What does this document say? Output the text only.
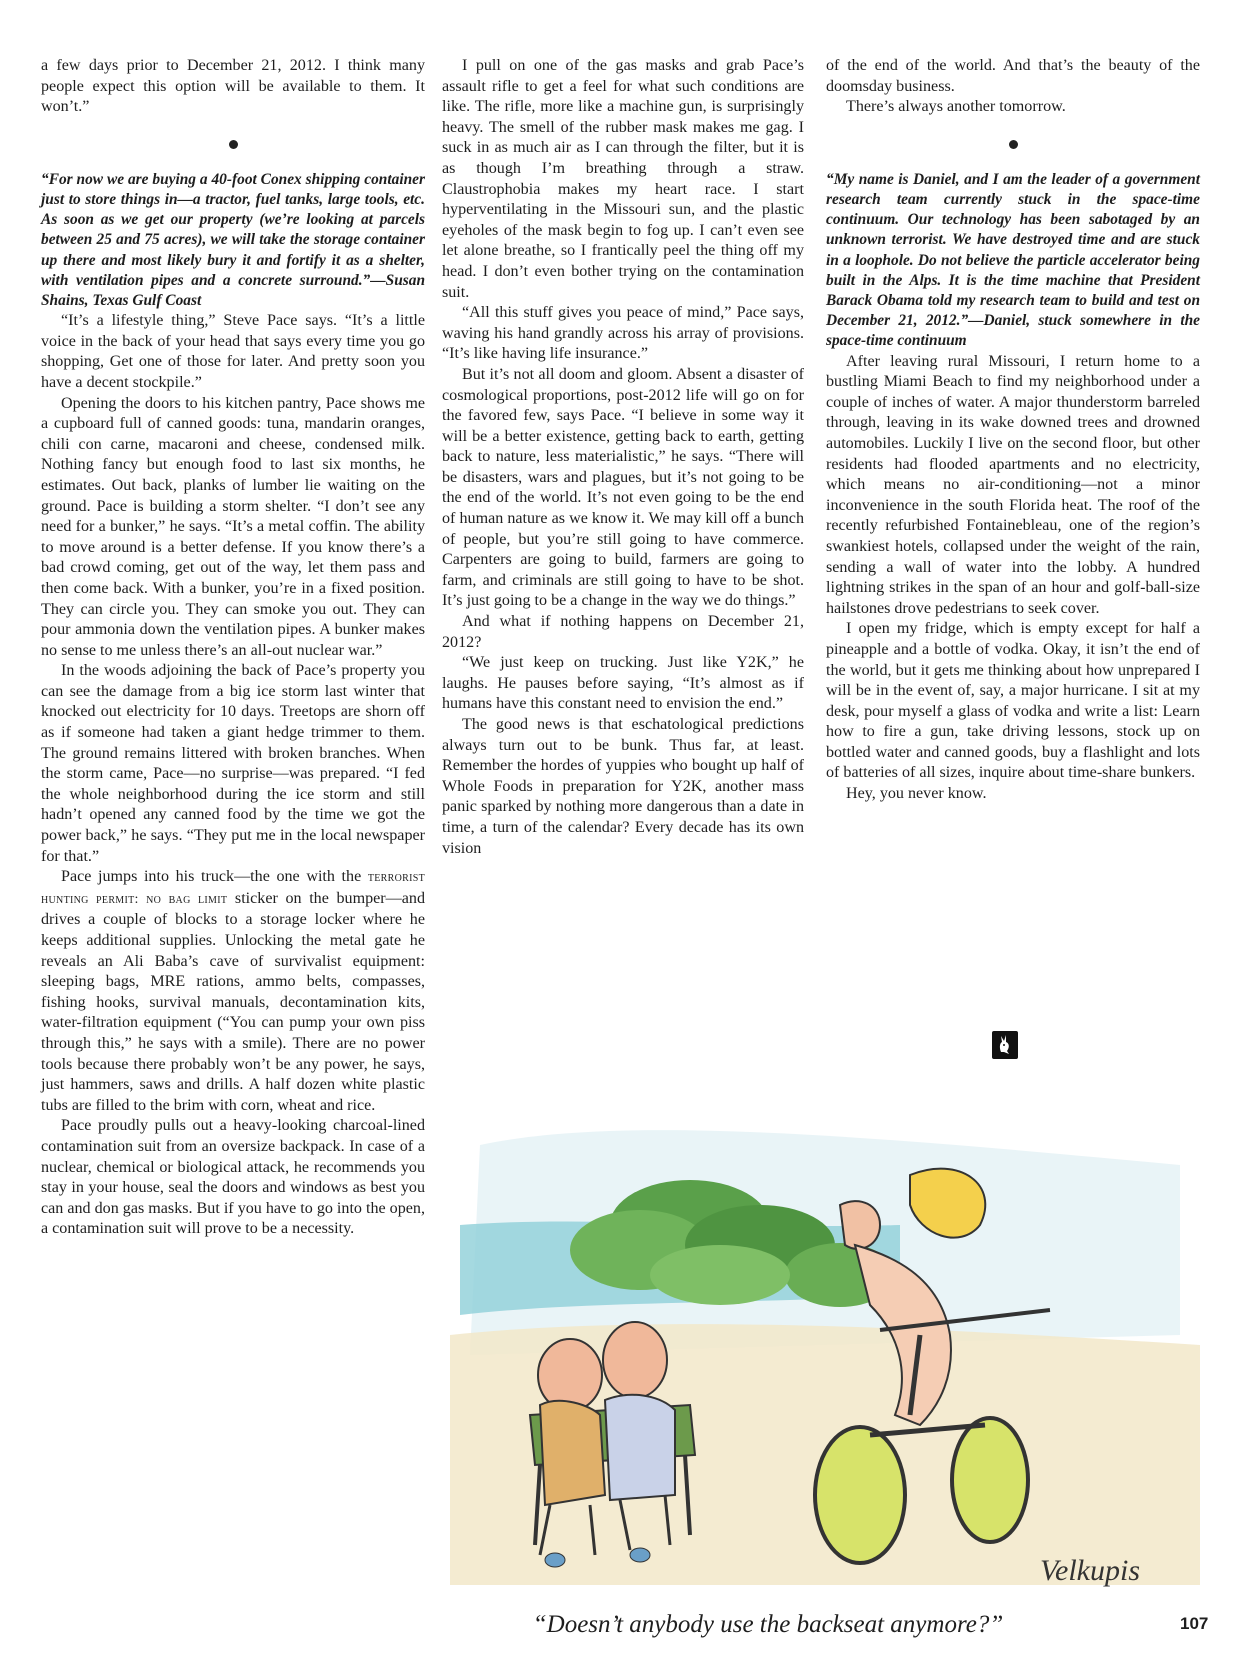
a few days prior to December 21, 2012. I think many people expect this option will be available to them. It won’t.”

“For now we are buying a 40-foot Conex shipping container just to store things in—a tractor, fuel tanks, large tools, etc. As soon as we get our property (we’re looking at parcels between 25 and 75 acres), we will take the storage container up there and most likely bury it and fortify it as a shelter, with ventilation pipes and a concrete surround.”—Susan Shains, Texas Gulf Coast

“It’s a lifestyle thing,” Steve Pace says. “It’s a little voice in the back of your head that says every time you go shopping, Get one of those for later. And pretty soon you have a decent stockpile.”

Opening the doors to his kitchen pantry, Pace shows me a cupboard full of canned goods: tuna, mandarin oranges, chili con carne, macaroni and cheese, condensed milk. Nothing fancy but enough food to last six months, he estimates. Out back, planks of lumber lie waiting on the ground. Pace is building a storm shelter. “I don’t see any need for a bunker,” he says. “It’s a metal coffin. The ability to move around is a better defense. If you know there’s a bad crowd coming, get out of the way, let them pass and then come back. With a bunker, you’re in a fixed position. They can circle you. They can smoke you out. They can pour ammonia down the ventilation pipes. A bunker makes no sense to me unless there’s an all-out nuclear war.”

In the woods adjoining the back of Pace’s property you can see the damage from a big ice storm last winter that knocked out electricity for 10 days. Treetops are shorn off as if someone had taken a giant hedge trimmer to them. The ground remains littered with broken branches. When the storm came, Pace—no surprise—was prepared. “I fed the whole neighborhood during the ice storm and still hadn’t opened any canned food by the time we got the power back,” he says. “They put me in the local newspaper for that.”

Pace jumps into his truck—the one with the terrorist hunting permit: no bag limit sticker on the bumper—and drives a couple of blocks to a storage locker where he keeps additional supplies. Unlocking the metal gate he reveals an Ali Baba’s cave of survivalist equipment: sleeping bags, MRE rations, ammo belts, compasses, fishing hooks, survival manuals, decontamination kits, water-filtration equipment (“You can pump your own piss through this,” he says with a smile). There are no power tools because there probably won’t be any power, he says, just hammers, saws and drills. A half dozen white plastic tubs are filled to the brim with corn, wheat and rice.

Pace proudly pulls out a heavy-looking charcoal-lined contamination suit from an oversize backpack. In case of a nuclear, chemical or biological attack, he recommends you stay in your house, seal the doors and windows as best you can and don gas masks. But if you have to go into the open, a contamination suit will prove to be a necessity.

I pull on one of the gas masks and grab Pace’s assault rifle to get a feel for what such conditions are like. The rifle, more like a machine gun, is surprisingly heavy. The smell of the rubber mask makes me gag. I suck in as much air as I can through the filter, but it is as though I’m breathing through a straw. Claustrophobia makes my heart race. I start hyperventilating in the Missouri sun, and the plastic eyeholes of the mask begin to fog up. I can’t even see let alone breathe, so I frantically peel the thing off my head. I don’t even bother trying on the contamination suit.

“All this stuff gives you peace of mind,” Pace says, waving his hand grandly across his array of provisions. “It’s like having life insurance.”

But it’s not all doom and gloom. Absent a disaster of cosmological proportions, post-2012 life will go on for the favored few, says Pace. “I believe in some way it will be a better existence, getting back to earth, getting back to nature, less materialistic,” he says. “There will be disasters, wars and plagues, but it’s not going to be the end of the world. It’s not even going to be the end of human nature as we know it. We may kill off a bunch of people, but you’re still going to have commerce. Carpenters are going to build, farmers are going to farm, and criminals are still going to have to be shot. It’s just going to be a change in the way we do things.”

And what if nothing happens on December 21, 2012?

“We just keep on trucking. Just like Y2K,” he laughs. He pauses before saying, “It’s almost as if humans have this constant need to envision the end.”

The good news is that eschatological predictions always turn out to be bunk. Thus far, at least. Remember the hordes of yuppies who bought up half of Whole Foods in preparation for Y2K, another mass panic sparked by nothing more dangerous than a date in time, a turn of the calendar? Every decade has its own vision

of the end of the world. And that’s the beauty of the doomsday business.

There’s always another tomorrow.

“My name is Daniel, and I am the leader of a government research team currently stuck in the space-time continuum. Our technology has been sabotaged by an unknown terrorist. We have destroyed time and are stuck in a loophole. Do not believe the particle accelerator being built in the Alps. It is the time machine that President Barack Obama told my research team to build and test on December 21, 2012.”—Daniel, stuck somewhere in the space-time continuum

After leaving rural Missouri, I return home to a bustling Miami Beach to find my neighborhood under a couple of inches of water. A major thunderstorm barreled through, leaving in its wake downed trees and drowned automobiles. Luckily I live on the second floor, but other residents had flooded apartments and no electricity, which means no air-conditioning—not a minor inconvenience in the south Florida heat. The roof of the recently refurbished Fontainebleau, one of the region’s swankiest hotels, collapsed under the weight of the rain, sending a wall of water into the lobby. A hundred lightning strikes in the span of an hour and golf-ball-size hailstones drove pedestrians to seek cover.

I open my fridge, which is empty except for half a pineapple and a bottle of vodka. Okay, it isn’t the end of the world, but it gets me thinking about how unprepared I will be in the event of, say, a major hurricane. I sit at my desk, pour myself a glass of vodka and write a list: Learn how to fire a gun, take driving lessons, stock up on bottled water and canned goods, buy a flashlight and lots of batteries of all sizes, inquire about time-share bunkers.

Hey, you never know.

Velkupis
“Doesn’t anybody use the backseat anymore?”	107
